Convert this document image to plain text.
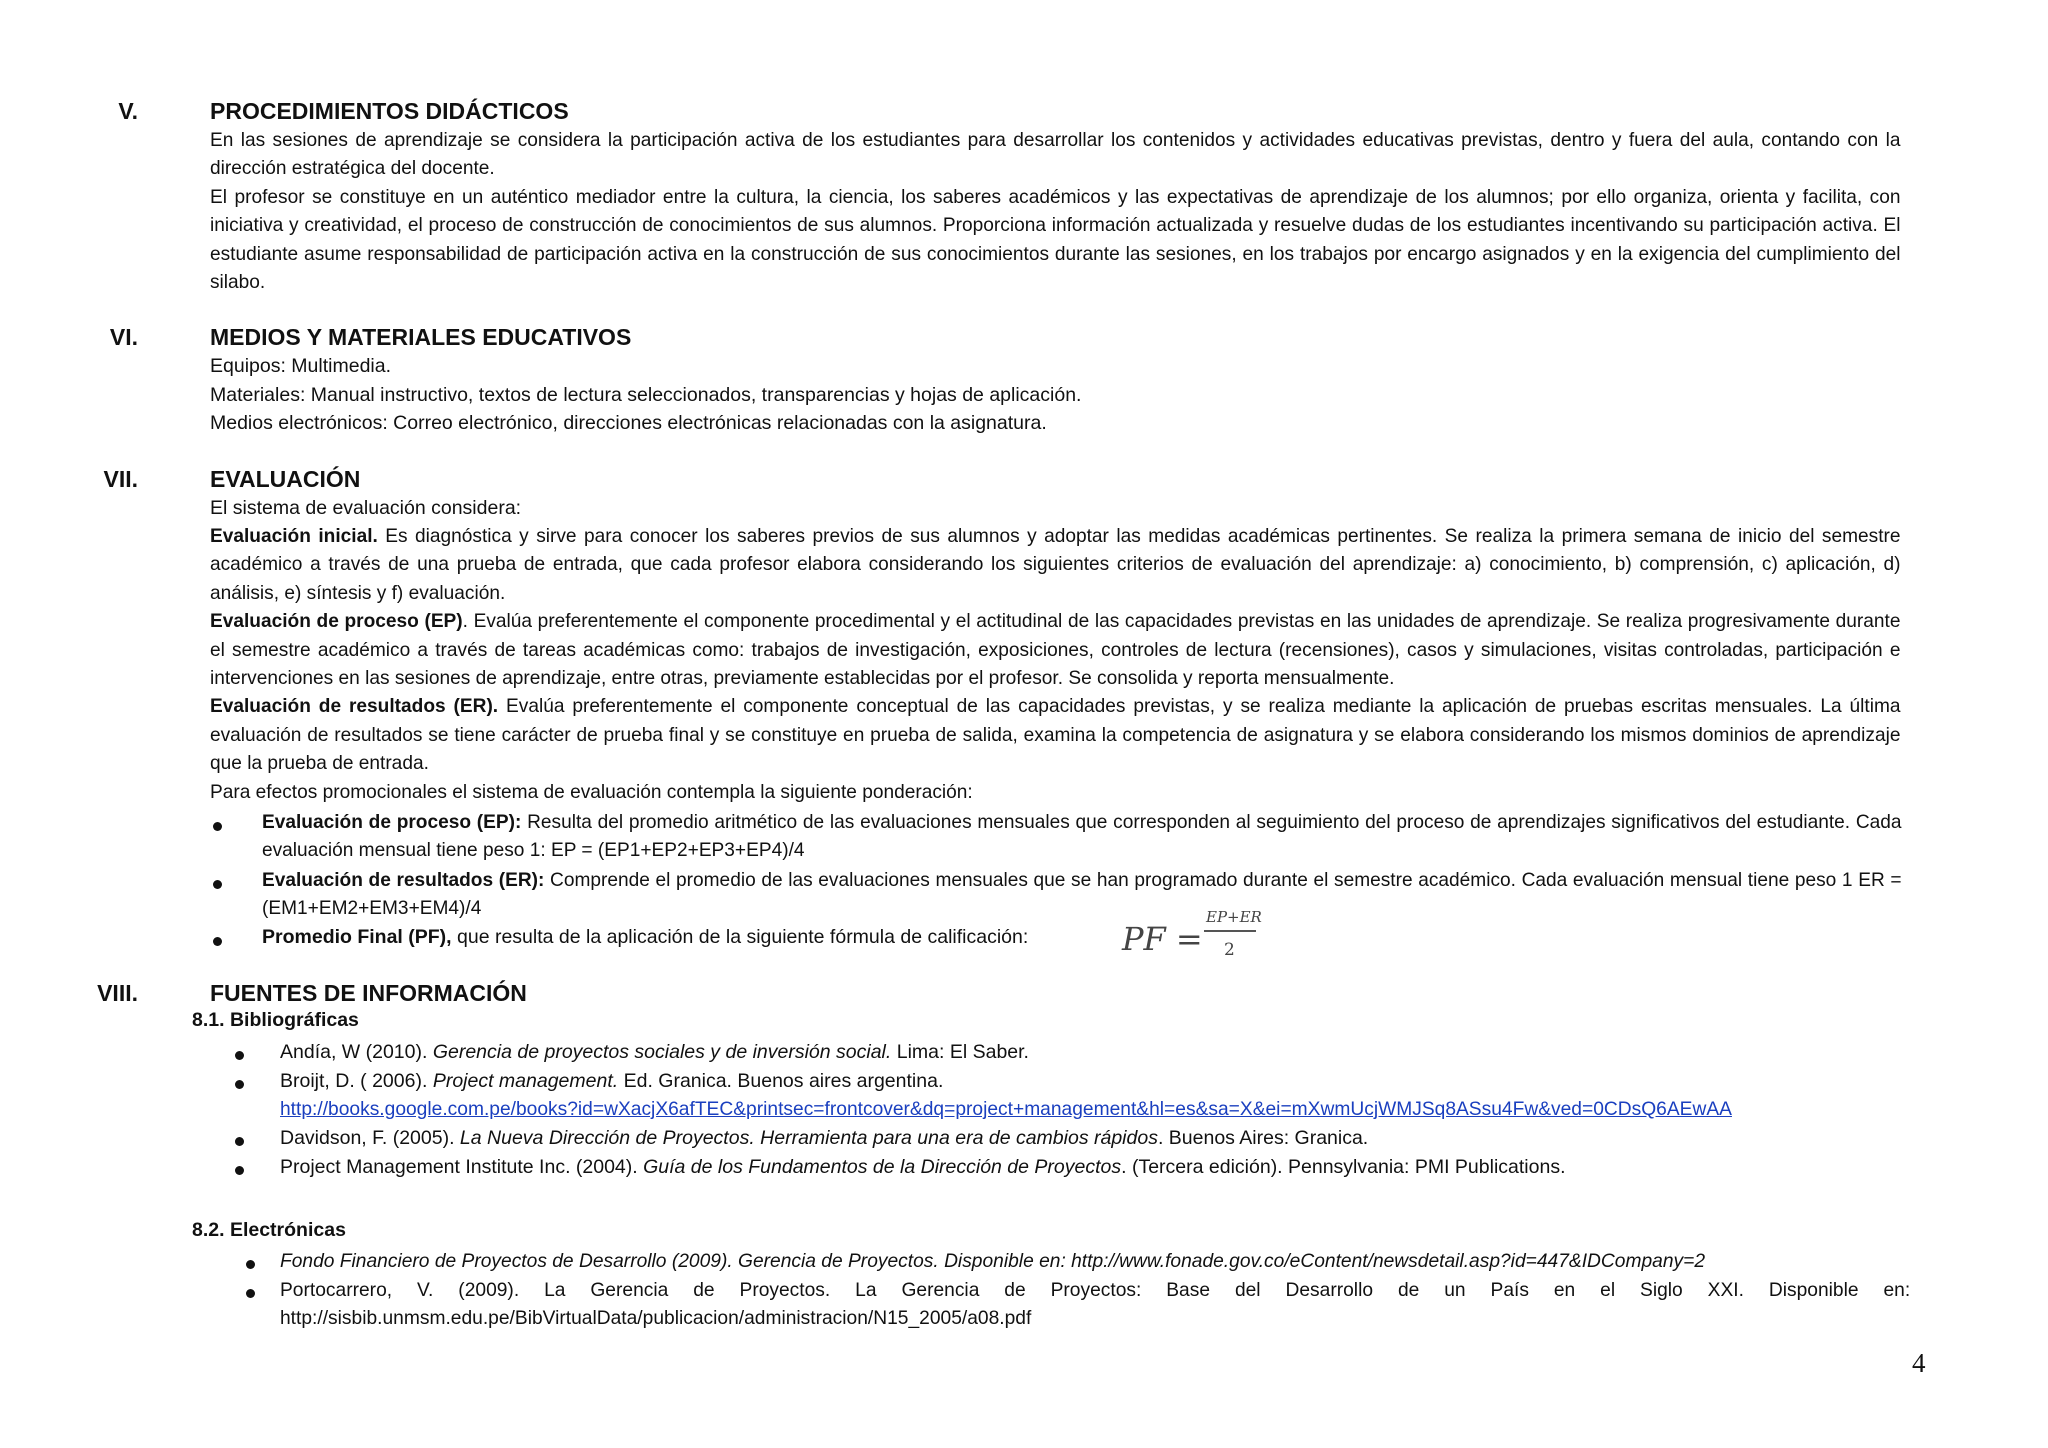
V.	PROCEDIMIENTOS DIDÁCTICOS
En las sesiones de aprendizaje se considera la participación activa de los estudiantes para desarrollar los contenidos y actividades educativas previstas, dentro y fuera del aula, contando con la dirección estratégica del docente.
El profesor se constituye en un auténtico mediador entre la cultura, la ciencia, los saberes académicos y las expectativas de aprendizaje de los alumnos; por ello organiza, orienta y facilita, con iniciativa y creatividad, el proceso de construcción de conocimientos de sus alumnos. Proporciona información actualizada y resuelve dudas de los estudiantes incentivando su participación activa. El estudiante asume responsabilidad de participación activa en la construcción de sus conocimientos durante las sesiones, en los trabajos por encargo asignados y en la exigencia del cumplimiento del silabo.
VI.	MEDIOS Y MATERIALES EDUCATIVOS
Equipos: Multimedia.
Materiales: Manual instructivo, textos de lectura seleccionados, transparencias y hojas de aplicación.
Medios electrónicos: Correo electrónico, direcciones electrónicas relacionadas con la asignatura.
VII.	EVALUACIÓN
El sistema de evaluación considera:
Evaluación inicial. Es diagnóstica y sirve para conocer los saberes previos de sus alumnos y adoptar las medidas académicas pertinentes. Se realiza la primera semana de inicio del semestre académico a través de una prueba de entrada, que cada profesor elabora considerando los siguientes criterios de evaluación del aprendizaje: a) conocimiento, b) comprensión, c) aplicación, d) análisis, e) síntesis y f) evaluación.
Evaluación de proceso (EP). Evalúa preferentemente el componente procedimental y el actitudinal de las capacidades previstas en las unidades de aprendizaje. Se realiza progresivamente durante el semestre académico a través de tareas académicas como: trabajos de investigación, exposiciones, controles de lectura (recensiones), casos y simulaciones, visitas controladas, participación e intervenciones en las sesiones de aprendizaje, entre otras, previamente establecidas por el profesor. Se consolida y reporta mensualmente.
Evaluación de resultados (ER). Evalúa preferentemente el componente conceptual de las capacidades previstas, y se realiza mediante la aplicación de pruebas escritas mensuales. La última evaluación de resultados se tiene carácter de prueba final y se constituye en prueba de salida, examina la competencia de asignatura y se elabora considerando los mismos dominios de aprendizaje que la prueba de entrada.
Para efectos promocionales el sistema de evaluación contempla la siguiente ponderación:
Evaluación de proceso (EP): Resulta del promedio aritmético de las evaluaciones mensuales que corresponden al seguimiento del proceso de aprendizajes significativos del estudiante. Cada evaluación mensual tiene peso 1: EP = (EP1+EP2+EP3+EP4)/4
Evaluación de resultados (ER): Comprende el promedio de las evaluaciones mensuales que se han programado durante el semestre académico. Cada evaluación mensual tiene peso 1 ER = (EM1+EM2+EM3+EM4)/4
Promedio Final (PF), que resulta de la aplicación de la siguiente fórmula de calificación:	PF =
EP+ER
2
VIII.	FUENTES DE INFORMACIÓN
8.1. Bibliográficas
Andía, W (2010). Gerencia de proyectos sociales y de inversión social. Lima: El Saber.
Broijt, D. ( 2006). Project management. Ed. Granica. Buenos aires argentina.
http://books.google.com.pe/books?id=wXacjX6afTEC&printsec=frontcover&dq=project+management&hl=es&sa=X&ei=mXwmUcjWMJSq8ASsu4Fw&ved=0CDsQ6AEwAA
Davidson, F. (2005). La Nueva Dirección de Proyectos. Herramienta para una era de cambios rápidos. Buenos Aires: Granica.
Project Management Institute Inc. (2004). Guía de los Fundamentos de la Dirección de Proyectos. (Tercera edición). Pennsylvania: PMI Publications.
8.2. Electrónicas
Fondo Financiero de Proyectos de Desarrollo (2009). Gerencia de Proyectos. Disponible en: http://www.fonade.gov.co/eContent/newsdetail.asp?id=447&IDCompany=2
Portocarrero, V. (2009). La Gerencia de Proyectos. La Gerencia de Proyectos: Base del Desarrollo de un País en el Siglo XXI. Disponible en: http://sisbib.unmsm.edu.pe/BibVirtualData/publicacion/administracion/N15_2005/a08.pdf
4
